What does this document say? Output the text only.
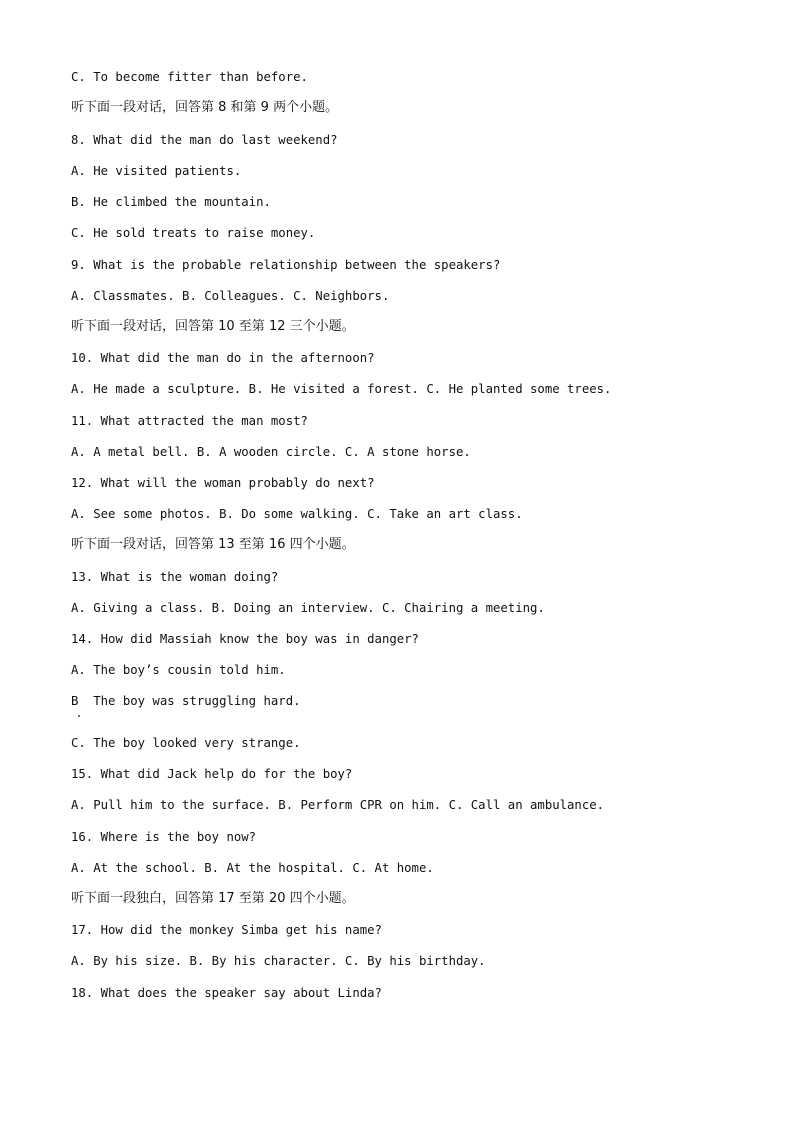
C. To become fitter than before.
听下面一段对话，回答第 8 和第 9 两个小题。
8. What did the man do last weekend?
A. He visited patients.
B. He climbed the mountain.
C. He sold treats to raise money.
9. What is the probable relationship between the speakers?
A. Classmates. B. Colleagues. C. Neighbors.
听下面一段对话，回答第 10 至第 12 三个小题。
10. What did the man do in the afternoon?
A. He made a sculpture. B. He visited a forest. C. He planted some trees.
11. What attracted the man most?
A. A metal bell. B. A wooden circle. C. A stone horse.
12. What will the woman probably do next?
A. See some photos. B. Do some walking. C. Take an art class.
听下面一段对话，回答第 13 至第 16 四个小题。
13. What is the woman doing?
A. Giving a class. B. Doing an interview. C. Chairing a meeting.
14. How did Massiah know the boy was in danger?
A. The boy’s cousin told him.
B  The boy was struggling hard.
C. The boy looked very strange.
15. What did Jack help do for the boy?
A. Pull him to the surface. B. Perform CPR on him. C. Call an ambulance.
16. Where is the boy now?
A. At the school. B. At the hospital. C. At home.
听下面一段独白，回答第 17 至第 20 四个小题。
17. How did the monkey Simba get his name?
A. By his size. B. By his character. C. By his birthday.
18. What does the speaker say about Linda?
